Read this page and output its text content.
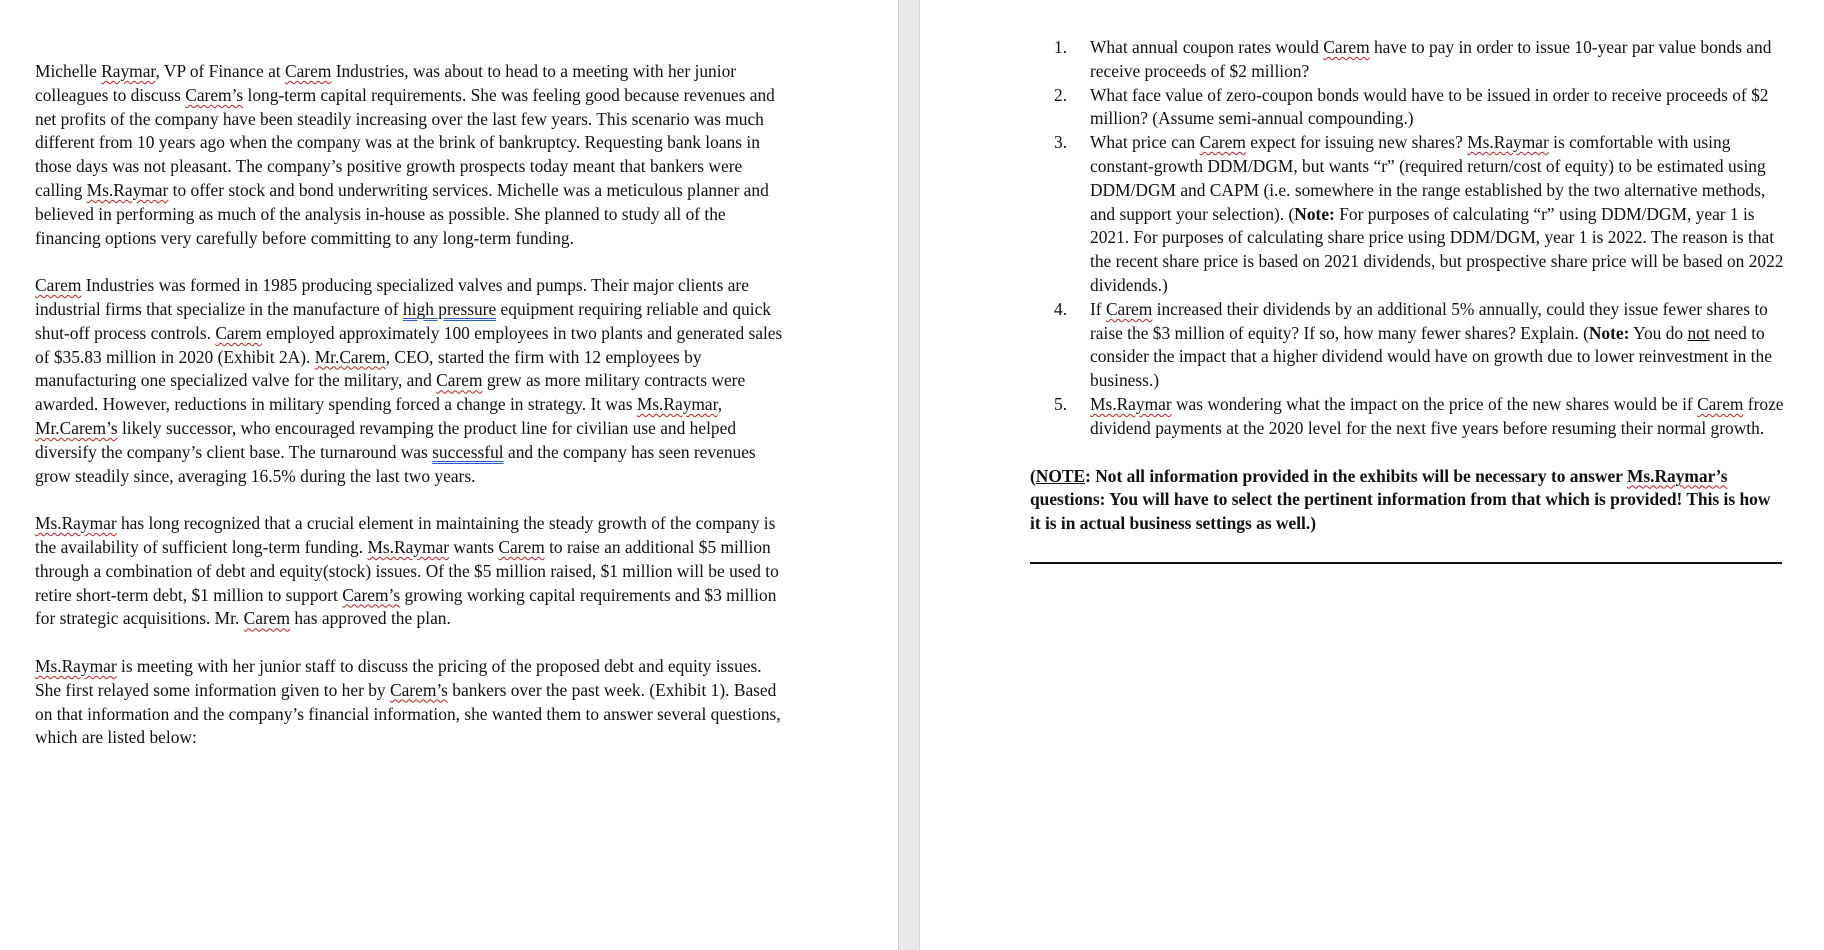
Michelle Raymar, VP of Finance at Carem Industries, was about to head to a meeting with her junior colleagues to discuss Carem’s long-term capital requirements. She was feeling good because revenues and net profits of the company have been steadily increasing over the last few years. This scenario was much different from 10 years ago when the company was at the brink of bankruptcy. Requesting bank loans in those days was not pleasant. The company’s positive growth prospects today meant that bankers were calling Ms.Raymar to offer stock and bond underwriting services. Michelle was a meticulous planner and believed in performing as much of the analysis in-house as possible. She planned to study all of the financing options very carefully before committing to any long-term funding.

Carem Industries was formed in 1985 producing specialized valves and pumps. Their major clients are industrial firms that specialize in the manufacture of high pressure equipment requiring reliable and quick shut-off process controls. Carem employed approximately 100 employees in two plants and generated sales of $35.83 million in 2020 (Exhibit 2A). Mr.Carem, CEO, started the firm with 12 employees by manufacturing one specialized valve for the military, and Carem grew as more military contracts were awarded. However, reductions in military spending forced a change in strategy. It was Ms.Raymar, Mr.Carem’s likely successor, who encouraged revamping the product line for civilian use and helped diversify the company’s client base. The turnaround was successful and the company has seen revenues grow steadily since, averaging 16.5% during the last two years.

Ms.Raymar has long recognized that a crucial element in maintaining the steady growth of the company is the availability of sufficient long-term funding. Ms.Raymar wants Carem to raise an additional $5 million through a combination of debt and equity(stock) issues. Of the $5 million raised, $1 million will be used to retire short-term debt, $1 million to support Carem’s growing working capital requirements and $3 million for strategic acquisitions. Mr. Carem has approved the plan.

Ms.Raymar is meeting with her junior staff to discuss the pricing of the proposed debt and equity issues. She first relayed some information given to her by Carem’s bankers over the past week. (Exhibit 1). Based on that information and the company’s financial information, she wanted them to answer several questions, which are listed below:

1. What annual coupon rates would Carem have to pay in order to issue 10-year par value bonds and receive proceeds of $2 million?
2. What face value of zero-coupon bonds would have to be issued in order to receive proceeds of $2 million? (Assume semi-annual compounding.)
3. What price can Carem expect for issuing new shares? Ms.Raymar is comfortable with using constant-growth DDM/DGM, but wants “r” (required return/cost of equity) to be estimated using DDM/DGM and CAPM (i.e. somewhere in the range established by the two alternative methods, and support your selection). (Note: For purposes of calculating “r” using DDM/DGM, year 1 is 2021. For purposes of calculating share price using DDM/DGM, year 1 is 2022. The reason is that the recent share price is based on 2021 dividends, but prospective share price will be based on 2022 dividends.)
4. If Carem increased their dividends by an additional 5% annually, could they issue fewer shares to raise the $3 million of equity? If so, how many fewer shares? Explain. (Note: You do not need to consider the impact that a higher dividend would have on growth due to lower reinvestment in the business.)
5. Ms.Raymar was wondering what the impact on the price of the new shares would be if Carem froze dividend payments at the 2020 level for the next five years before resuming their normal growth.
(NOTE: Not all information provided in the exhibits will be necessary to answer Ms.Raymar’s questions: You will have to select the pertinent information from that which is provided! This is how it is in actual business settings as well.)
